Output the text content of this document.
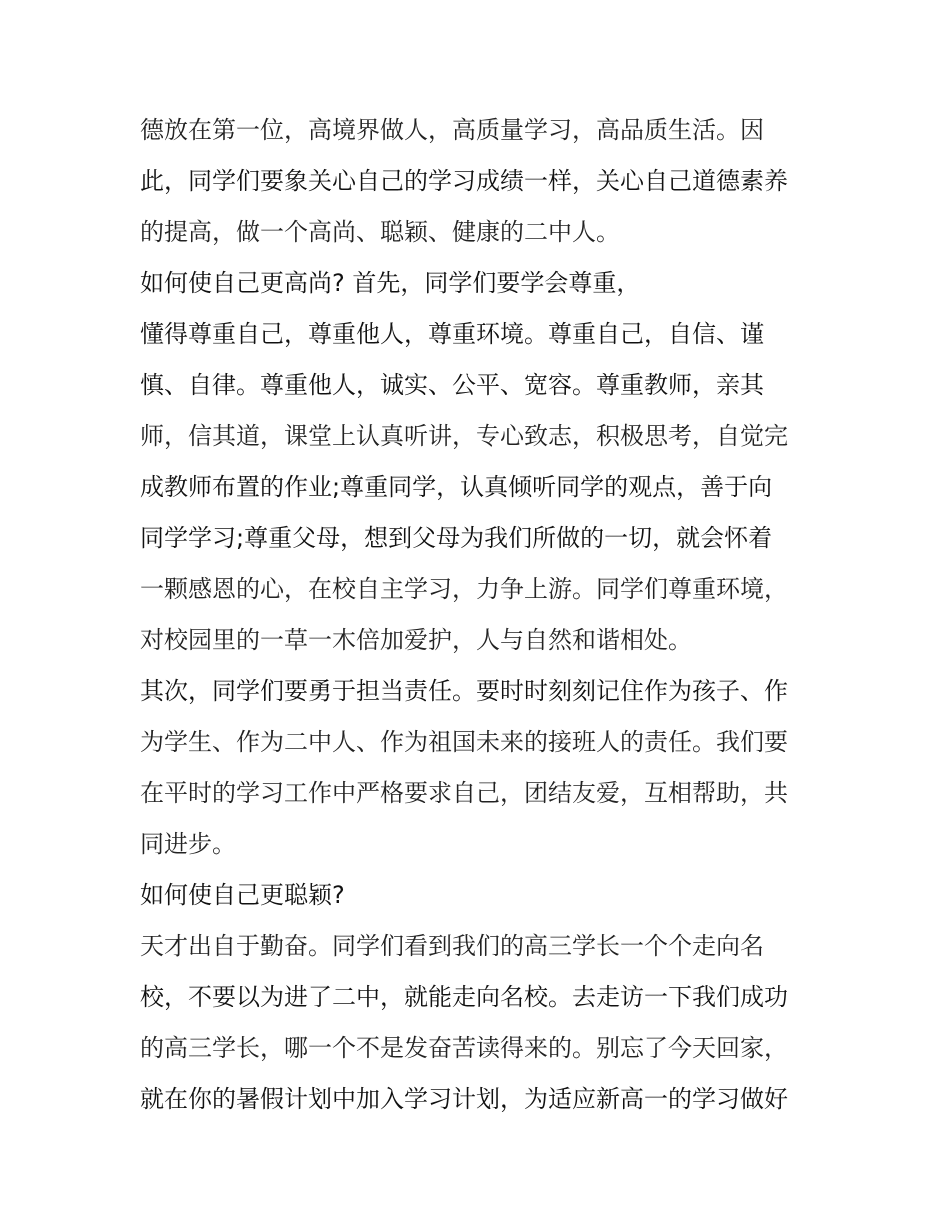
德放在第一位，高境界做人，高质量学习，高品质生活。因
此，同学们要象关心自己的学习成绩一样，关心自己道德素养
的提高，做一个高尚、聪颖、健康的二中人。
如何使自己更高尚? 首先，同学们要学会尊重，
懂得尊重自己，尊重他人，尊重环境。尊重自己，自信、谨
慎、自律。尊重他人，诚实、公平、宽容。尊重教师，亲其
师，信其道，课堂上认真听讲，专心致志，积极思考，自觉完
成教师布置的作业;尊重同学，认真倾听同学的观点，善于向
同学学习;尊重父母，想到父母为我们所做的一切，就会怀着
一颗感恩的心，在校自主学习，力争上游。同学们尊重环境，
对校园里的一草一木倍加爱护，人与自然和谐相处。
其次，同学们要勇于担当责任。要时时刻刻记住作为孩子、作
为学生、作为二中人、作为祖国未来的接班人的责任。我们要
在平时的学习工作中严格要求自己，团结友爱，互相帮助，共
同进步。
如何使自己更聪颖?
天才出自于勤奋。同学们看到我们的高三学长一个个走向名
校，不要以为进了二中，就能走向名校。去走访一下我们成功
的高三学长，哪一个不是发奋苦读得来的。别忘了今天回家，
就在你的暑假计划中加入学习计划，为适应新高一的学习做好
